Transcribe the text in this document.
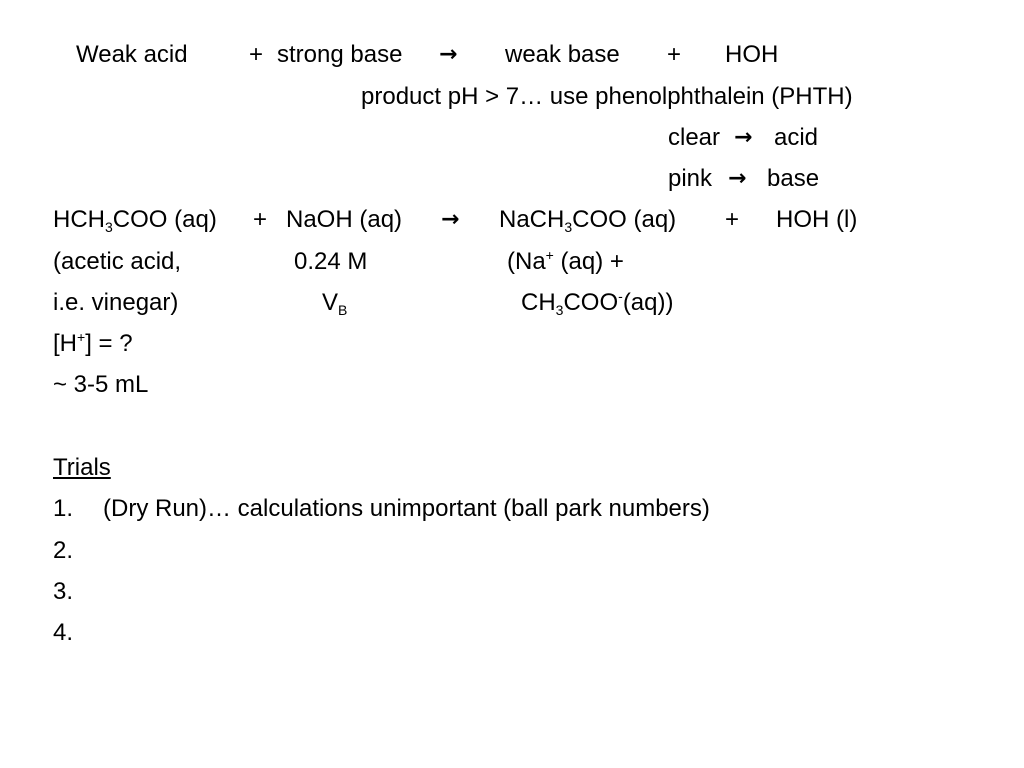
Weak acid	+ strong base → weak base + HOH
product pH > 7… use phenolphthalein (PHTH)
clear → acid
pink → base
$HCH_3COO$ (aq) + NaOH (aq) → NaCH$_3$COO (aq) + HOH (l)
(acetic acid,	0.24 M	(Na+ (aq) +
i.e. vinegar)	$V_B$	$CH_3COO^-(aq)$)
[H+] = ?
~ 3-5 mL
Trials
1. (Dry Run)… calculations unimportant (ball park numbers)
2.
3.
4.
